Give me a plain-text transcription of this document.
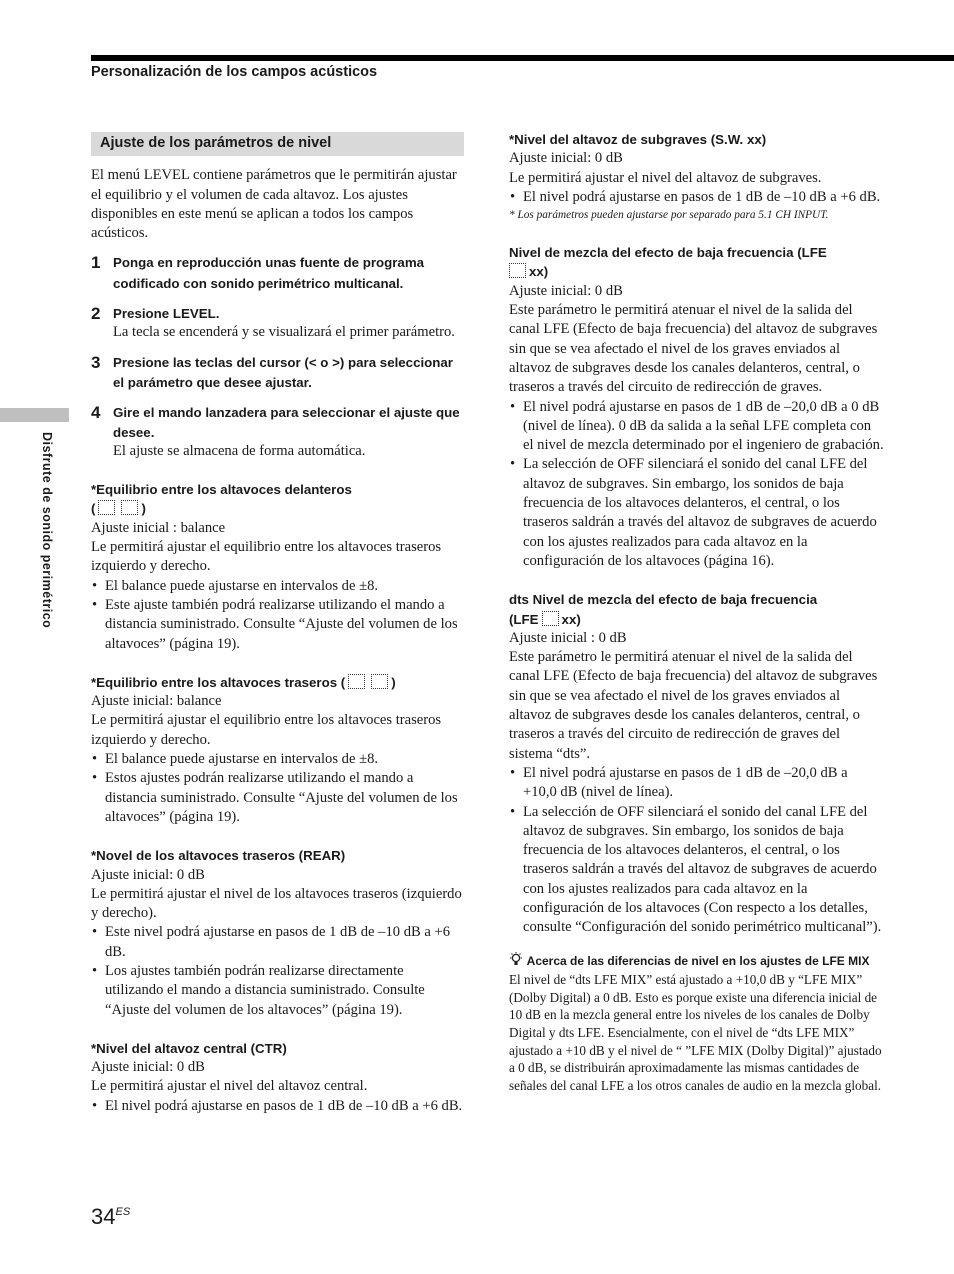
Personalización de los campos acústicos
Disfrute de sonido perimétrico
Ajuste de los parámetros de nivel

El menú LEVEL contiene parámetros que le permitirán ajustar el equilibrio y el volumen de cada altavoz. Los ajustes disponibles en este menú se aplican a todos los campos acústicos.

1 Ponga en reproducción unas fuente de programa codificado con sonido perimétrico multicanal.
2 Presione LEVEL.
La tecla se encenderá y se visualizará el primer parámetro.
3 Presione las teclas del cursor (< o >) para seleccionar el parámetro que desee ajustar.
4 Gire el mando lanzadera para seleccionar el ajuste que desee.
El ajuste se almacena de forma automática.
*Equilibrio entre los altavoces delanteros
(	)

Ajuste inicial : balance

Le permitirá ajustar el equilibrio entre los altavoces traseros izquierdo y derecho.

• El balance puede ajustarse en intervalos de ±8.
• Este ajuste también podrá realizarse utilizando el mando a distancia suministrado. Consulte “Ajuste del volumen de los altavoces” (página 19).
*Equilibrio entre los altavoces traseros (	)

Ajuste inicial: balance

Le permitirá ajustar el equilibrio entre los altavoces traseros izquierdo y derecho.

• El balance puede ajustarse en intervalos de ±8.
• Estos ajustes podrán realizarse utilizando el mando a distancia suministrado. Consulte “Ajuste del volumen de los altavoces” (página 19).
*Novel de los altavoces traseros (REAR)

Ajuste inicial: 0 dB

Le permitirá ajustar el nivel de los altavoces traseros (izquierdo y derecho).

• Este nivel podrá ajustarse en pasos de 1 dB de –10 dB a +6 dB.
• Los ajustes también podrán realizarse directamente utilizando el mando a distancia suministrado. Consulte “Ajuste del volumen de los altavoces” (página 19).
*Nivel del altavoz central (CTR)

Ajuste inicial: 0 dB

Le permitirá ajustar el nivel del altavoz central.

• El nivel podrá ajustarse en pasos de 1 dB de –10 dB a +6 dB.
*Nivel del altavoz de subgraves (S.W. xx)

Ajuste inicial: 0 dB

Le permitirá ajustar el nivel del altavoz de subgraves.

• El nivel podrá ajustarse en pasos de 1 dB de –10 dB a +6 dB.

* Los parámetros pueden ajustarse por separado para 5.1 CH INPUT.

Nivel de mezcla del efecto de baja frecuencia (LFE
xx)

Ajuste inicial: 0 dB

Este parámetro le permitirá atenuar el nivel de la salida del canal LFE (Efecto de baja frecuencia) del altavoz de subgraves sin que se vea afectado el nivel de los graves enviados al altavoz de subgraves desde los canales delanteros, central, o traseros a través del circuito de redirección de graves.

• El nivel podrá ajustarse en pasos de 1 dB de –20,0 dB a 0 dB (nivel de línea). 0 dB da salida a la señal LFE completa con el nivel de mezcla determinado por el ingeniero de grabación.
• La selección de OFF silenciará el sonido del canal LFE del altavoz de subgraves. Sin embargo, los sonidos de baja frecuencia de los altavoces delanteros, el central, o los traseros saldrán a través del altavoz de subgraves de acuerdo con los ajustes realizados para cada altavoz en la configuración de los altavoces (página 16).
dts Nivel de mezcla del efecto de baja frecuencia
(LFE xx)

Ajuste inicial : 0 dB

Este parámetro le permitirá atenuar el nivel de la salida del canal LFE (Efecto de baja frecuencia) del altavoz de subgraves sin que se vea afectado el nivel de los graves enviados al altavoz de subgraves desde los canales delanteros, central, o traseros a través del circuito de redirección de graves del sistema “dts”.

• El nivel podrá ajustarse en pasos de 1 dB de –20,0 dB a +10,0 dB (nivel de línea).
• La selección de OFF silenciará el sonido del canal LFE del altavoz de subgraves. Sin embargo, los sonidos de baja frecuencia de los altavoces delanteros, el central, o los traseros saldrán a través del altavoz de subgraves de acuerdo con los ajustes realizados para cada altavoz en la configuración de los altavoces (Con respecto a los detalles, consulte “Configuración del sonido perimétrico multicanal”).
Acerca de las diferencias de nivel en los ajustes de LFE MIX

El nivel de “dts LFE MIX” está ajustado a +10,0 dB y “LFE MIX” (Dolby Digital) a 0 dB. Esto es porque existe una diferencia inicial de 10 dB en la mezcla general entre los niveles de los canales de Dolby Digital y dts LFE. Esencialmente, con el nivel de “dts LFE MIX” ajustado a +10 dB y el nivel de “ ”LFE MIX (Dolby Digital)” ajustado a 0 dB, se distribuirán aproximadamente las mismas cantidades de señales del canal LFE a los otros canales de audio en la mezcla global.

$34^{ES}$
